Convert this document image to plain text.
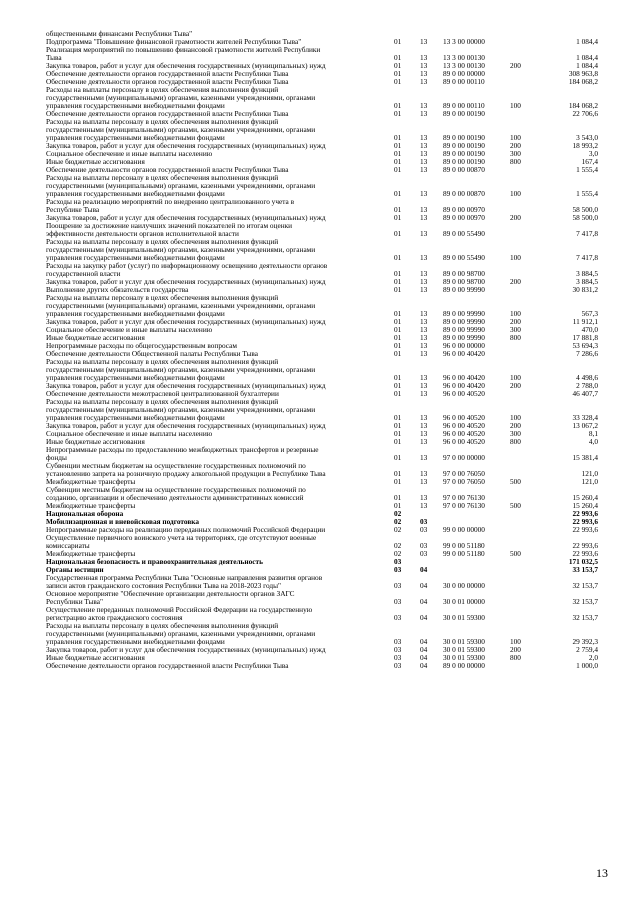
общественными финансами Республики Тыва"
Подпрограмма "Повышение финансовой грамотности жителей Республики Тыва"	01	13 13 3 00 00000	1 084,4
Реализация мероприятий по повышению финансовой грамотности жителей Республики
Тыва	01	13 13 3 00 00130	1 084,4
Закупка товаров, работ и услуг для обеспечения государственных (муниципальных) нужд	01	13 13 3 00 00130	200	1 084,4
Обеспечение деятельности органов государственной власти Республики Тыва	01	13 89 0 00 00000	308 963,8
Обеспечение деятельности органов государственной власти Республики Тыва	01	13 89 0 00 00110	184 068,2
Расходы на выплаты персоналу в целях обеспечения выполнения функций
государственными (муниципальными) органами, казенными учреждениями, органами
управления государственными внебюджетными фондами	01	13 89 0 00 00110	100	184 068,2
Обеспечение деятельности органов государственной власти Республики Тыва	01	13 89 0 00 00190	22 706,6
Расходы на выплаты персоналу в целях обеспечения выполнения функций
государственными (муниципальными) органами, казенными учреждениями, органами
управления государственными внебюджетными фондами	01	13 89 0 00 00190	100	3 543,0
Закупка товаров, работ и услуг для обеспечения государственных (муниципальных) нужд	01	13 89 0 00 00190	200	18 993,2
Социальное обеспечение и иные выплаты населению	01	13 89 0 00 00190	300	3,0
Иные бюджетные ассигнования	01	13 89 0 00 00190	800	167,4
Обеспечение деятельности органов государственной власти Республики Тыва	01	13 89 0 00 00870	1 555,4
Расходы на выплаты персоналу в целях обеспечения выполнения функций
государственными (муниципальными) органами, казенными учреждениями, органами
управления государственными внебюджетными фондами	01	13 89 0 00 00870	100	1 555,4
Расходы на реализацию мероприятий по внедрению централизованного учета в
Республике Тыва	01	13 89 0 00 00970	58 500,0
Закупка товаров, работ и услуг для обеспечения государственных (муниципальных) нужд	01	13 89 0 00 00970	200	58 500,0
Поощрение за достижение наилучших значений показателей по итогам оценки
эффективности деятельности органов исполнительной власти	01	13 89 0 00 55490	7 417,8
Расходы на выплаты персоналу в целях обеспечения выполнения функций
государственными (муниципальными) органами, казенными учреждениями, органами
управления государственными внебюджетными фондами	01	13 89 0 00 55490	100	7 417,8
Расходы на закупку работ (услуг) по информационному освещению деятельности органов
государственной власти	01	13 89 0 00 98700	3 884,5
Закупка товаров, работ и услуг для обеспечения государственных (муниципальных) нужд	01	13 89 0 00 98700	200	3 884,5
Выполнение других обязательств государства	01	13 89 0 00 99990	30 831,2
Расходы на выплаты персоналу в целях обеспечения выполнения функций
государственными (муниципальными) органами, казенными учреждениями, органами
управления государственными внебюджетными фондами	01	13 89 0 00 99990	100	567,3
Закупка товаров, работ и услуг для обеспечения государственных (муниципальных) нужд	01	13 89 0 00 99990	200	11 912,1
Социальное обеспечение и иные выплаты населению	01	13 89 0 00 99990	300	470,0
Иные бюджетные ассигнования	01	13 89 0 00 99990	800	17 881,8
Непрограммные расходы по общегосударственным вопросам	01	13 96 0 00 00000	53 694,3
Обеспечение деятельности Общественной палаты Республики Тыва	01	13 96 0 00 40420	7 286,6
Расходы на выплаты персоналу в целях обеспечения выполнения функций
государственными (муниципальными) органами, казенными учреждениями, органами
управления государственными внебюджетными фондами	01	13 96 0 00 40420	100	4 498,6
Закупка товаров, работ и услуг для обеспечения государственных (муниципальных) нужд	01	13 96 0 00 40420	200	2 788,0
Обеспечение деятельности межотраслевой централизованной бухгалтерии	01	13 96 0 00 40520	46 407,7
Расходы на выплаты персоналу в целях обеспечения выполнения функций
государственными (муниципальными) органами, казенными учреждениями, органами
управления государственными внебюджетными фондами	01	13 96 0 00 40520	100	33 328,4
Закупка товаров, работ и услуг для обеспечения государственных (муниципальных) нужд	01	13 96 0 00 40520	200	13 067,2
Социальное обеспечение и иные выплаты населению	01	13 96 0 00 40520	300	8,1
Иные бюджетные ассигнования	01	13 96 0 00 40520	800	4,0
Непрограммные расходы по предоставлению межбюджетных трансфертов и резервные
фонды	01	13 97 0 00 00000	15 381,4
Субвенции местным бюджетам на осуществление государственных полномочий по
установлению запрета на розничную продажу алкогольной продукции в Республике Тыва	01	13 97 0 00 76050	121,0
Межбюджетные трансферты	01	13 97 0 00 76050	500	121,0
Субвенции местным бюджетам на осуществление государственных полномочий по
созданию, организации и обеспечению деятельности административных комиссий	01	13 97 0 00 76130	15 260,4
Межбюджетные трансферты	01	13 97 0 00 76130	500	15 260,4
Национальная оборона	02	22 993,6
Мобилизационная и вневойсковая подготовка	02	03	22 993,6
Непрограммные расходы на реализацию переданных полномочий Российской Федерации	02	03 99 0 00 00000	22 993,6
Осуществление первичного воинского учета на территориях, где отсутствуют военные
комиссариаты	02	03 99 0 00 51180	22 993,6
Межбюджетные трансферты	02	03 99 0 00 51180	500	22 993,6
Национальная безопасность и правоохранительная деятельность	03	171 032,5
Органы юстиции	03	04	33 153,7
Государственная программа Республики Тыва "Основные направления развития органов
записи актов гражданского состояния Республики Тыва на 2018-2023 годы"	03	04 30 0 00 00000	32 153,7
Основное мероприятие "Обеспечение организации деятельности органов ЗАГС
Республики Тыва"	03	04 30 0 01 00000	32 153,7
Осуществление переданных полномочий Российской Федерации на государственную
регистрацию актов гражданского состояния	03	04 30 0 01 59300	32 153,7
Расходы на выплаты персоналу в целях обеспечения выполнения функций
государственными (муниципальными) органами, казенными учреждениями, органами
управления государственными внебюджетными фондами	03	04 30 0 01 59300	100	29 392,3
Закупка товаров, работ и услуг для обеспечения государственных (муниципальных) нужд	03	04 30 0 01 59300	200	2 759,4
Иные бюджетные ассигнования	03	04 30 0 01 59300	800	2,0
Обеспечение деятельности органов государственной власти Республики Тыва	03	04 89 0 00 00000	1 000,0
13
